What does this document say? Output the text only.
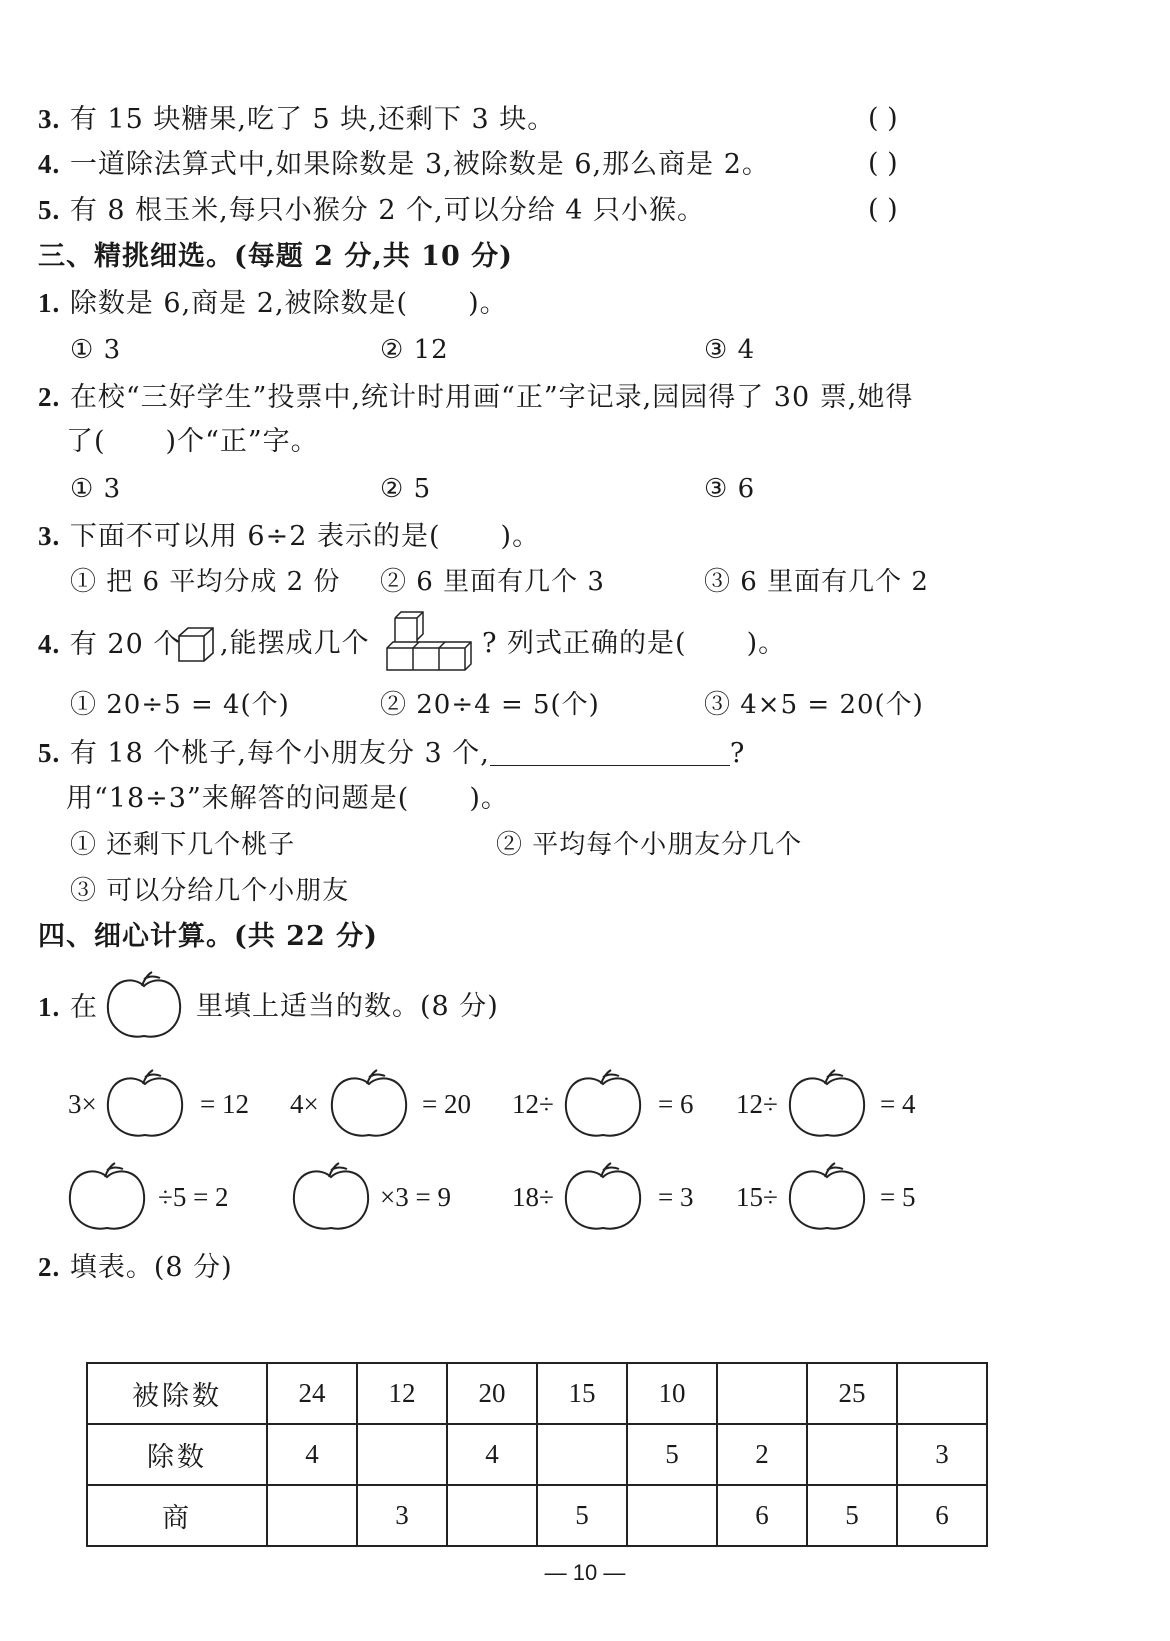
3. 有 15 块糖果,吃了 5 块,还剩下 3 块。	( )
4. 一道除法算式中,如果除数是 3,被除数是 6,那么商是 2。	( )
5. 有 8 根玉米,每只小猴分 2 个,可以分给 4 只小猴。	( )
三、精挑细选。(每题 2 分,共 10 分)
1. 除数是 6,商是 2,被除数是( )。
① 3	② 12	③ 4
2. 在校“三好学生”投票中,统计时用画“正”字记录,园园得了 30 票,她得
了( )个“正”字。
① 3	② 5	③ 6
3. 下面不可以用 6÷2 表示的是( )。
① 把 6 平均分成 2 份 ② 6 里面有几个 3	③ 6 里面有几个 2
4. 有 20 个 ,能摆成几个	? 列式正确的是( )。
① 20÷5 = 4(个)	② 20÷4 = 5(个)	③ 4×5 = 20(个)
5. 有 18 个桃子,每个小朋友分 3 个,	?
用“18÷3”来解答的问题是( )。
① 还剩下几个桃子	② 平均每个小朋友分几个
③ 可以分给几个小朋友
四、细心计算。(共 22 分)
1. 在	里填上适当的数。(8 分)
3×	= 12 4×	= 20 12÷	= 6 12÷	= 4
÷5 = 2	×3 = 9 18÷	= 3 15÷	= 5
2. 填表。(8 分)
被除数	24	12	20	15	10		25	
除数	4		4		5	2		3
商		3		5		6	5	6
— 10 —
